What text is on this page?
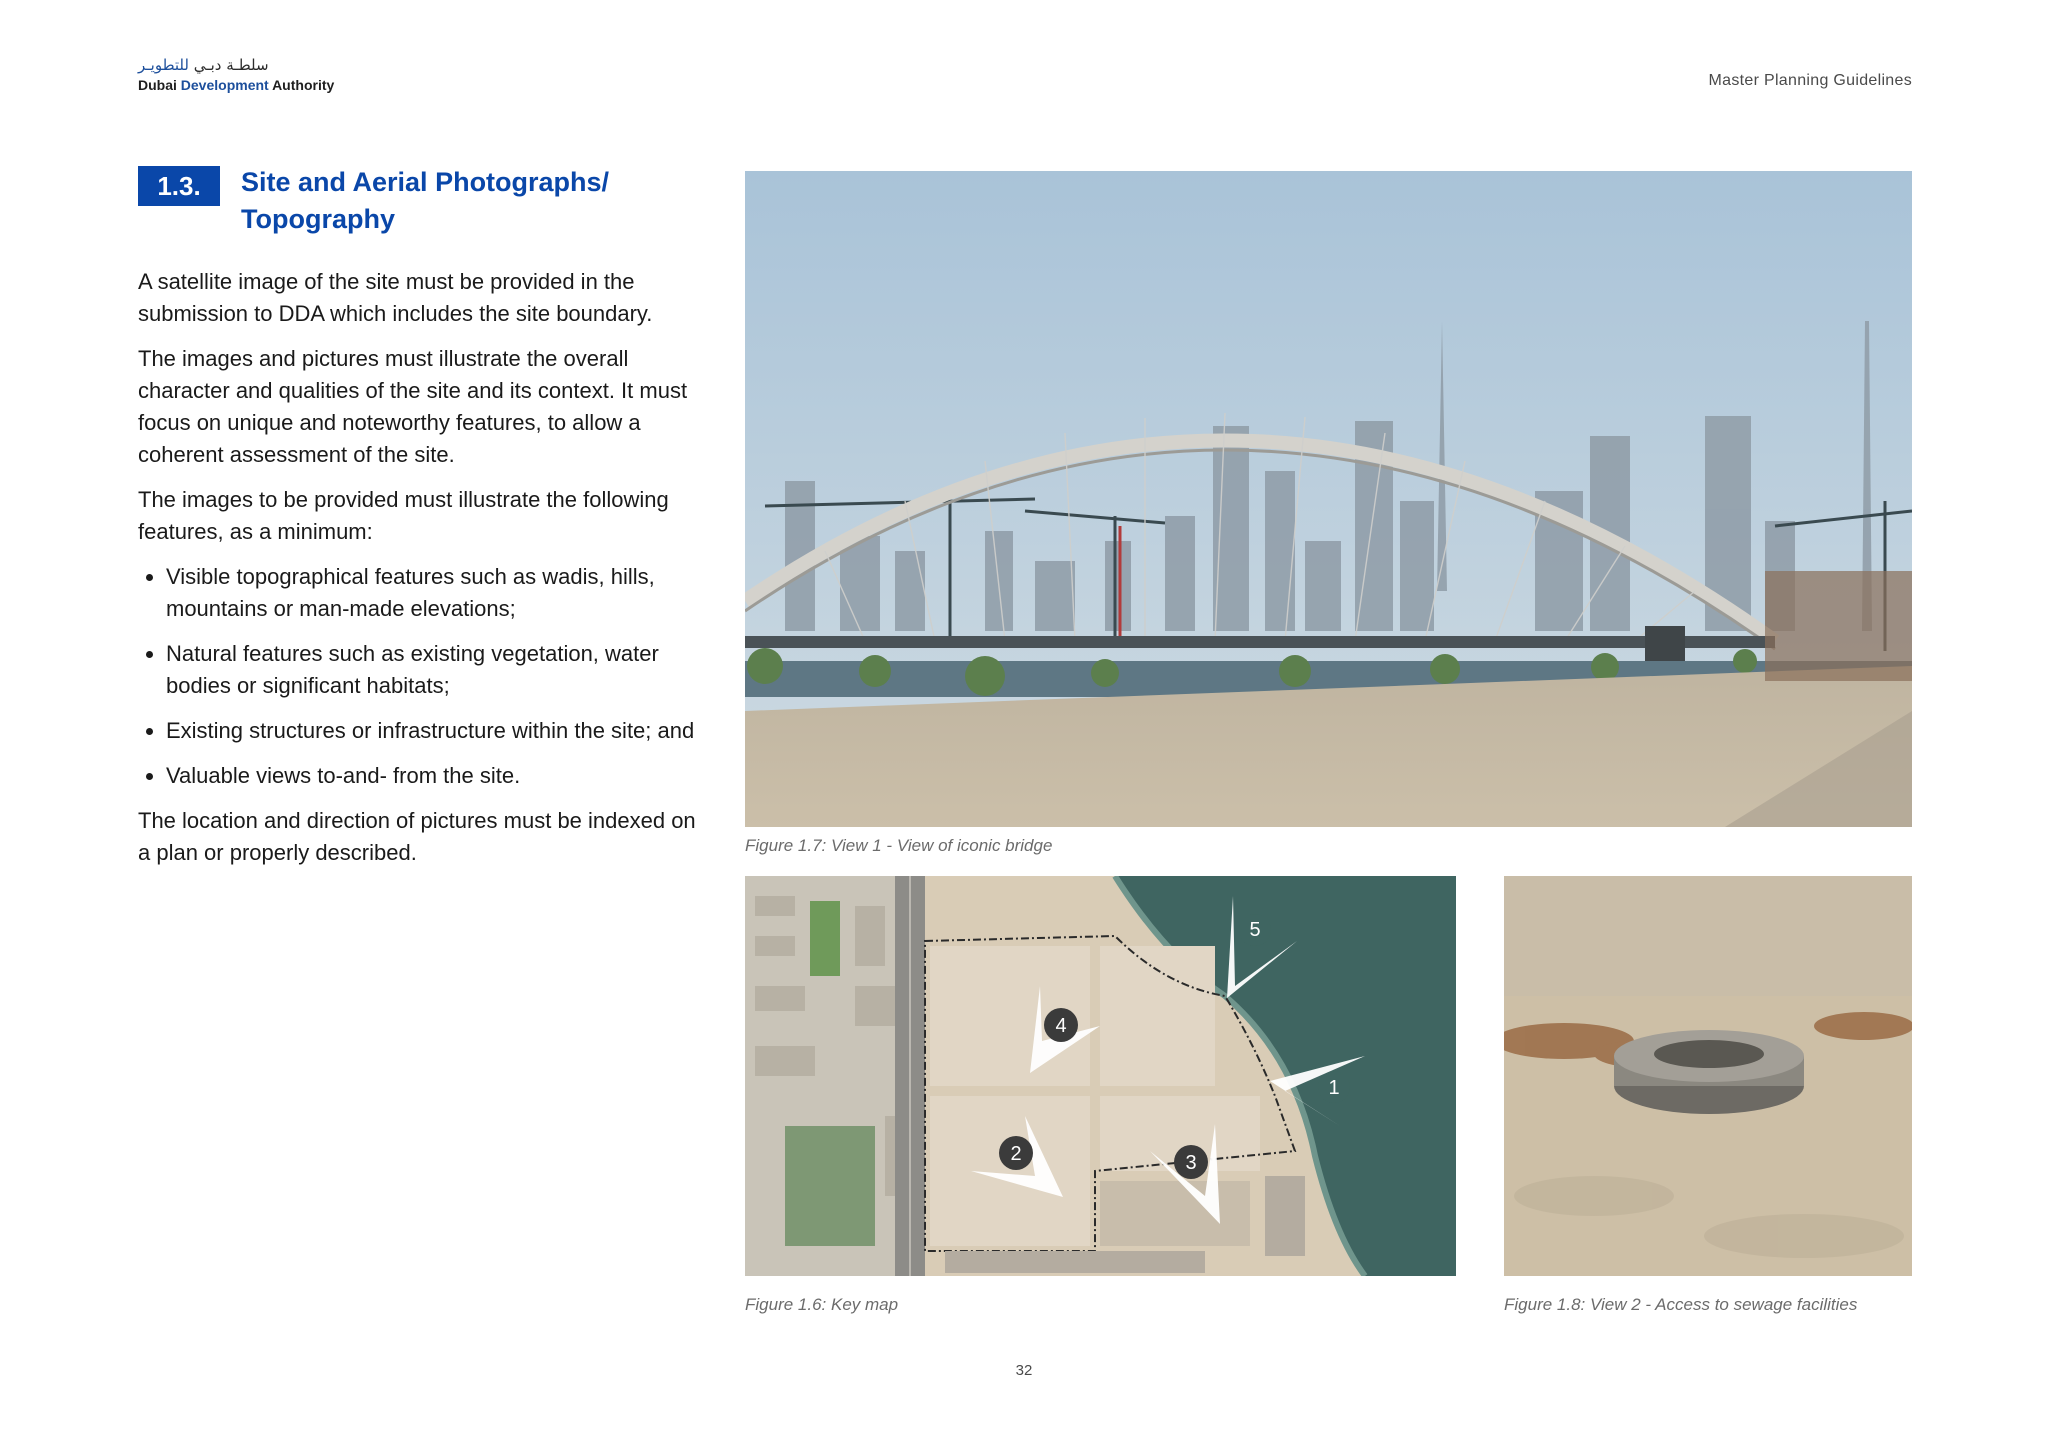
سلطـة دبـي للتطويـر
Dubai Development Authority	Master Planning Guidelines
1.3.	Site and Aerial Photographs/
Topography

A satellite image of the site must be provided in the submission to DDA which includes the site boundary.

The images and pictures must illustrate the overall character and qualities of the site and its context. It must focus on unique and noteworthy features, to allow a coherent assessment of the site.

The images to be provided must illustrate the following features, as a minimum:

• Visible topographical features such as wadis, hills, mountains or man-made elevations;
• Natural features such as existing vegetation, water bodies or significant habitats;
• Existing structures or infrastructure within the site; and
• Valuable views to-and- from the site.

The location and direction of pictures must be indexed on a plan or properly described.	Figure 1.7: View 1 - View of iconic bridge
5
1
4
2	3
Figure 1.6: Key map	Figure 1.8: View 2 - Access to sewage facilities
32
